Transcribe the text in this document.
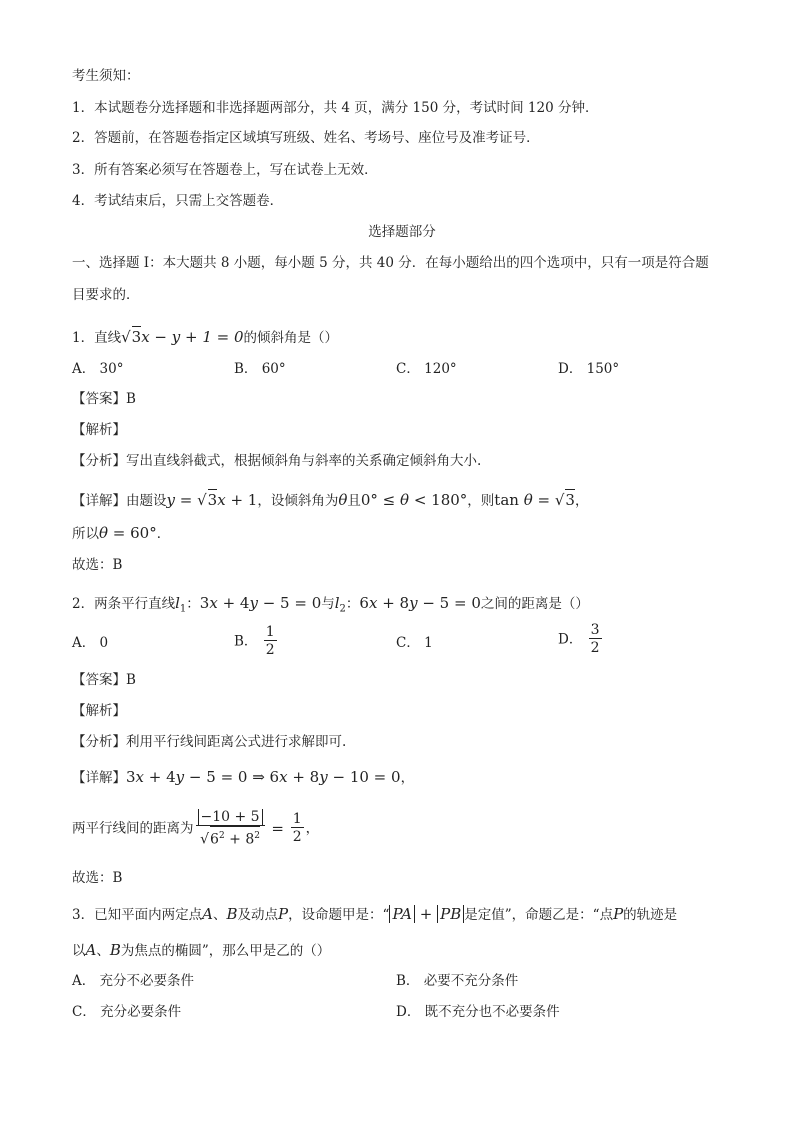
考生须知：
1．本试题卷分选择题和非选择题两部分，共 4 页，满分 150 分，考试时间 120 分钟．
2．答题前，在答题卷指定区域填写班级、姓名、考场号、座位号及准考证号．
3．所有答案必须写在答题卷上，写在试卷上无效．
4．考试结束后，只需上交答题卷．
选择题部分
一、选择题 I：本大题共 8 小题，每小题 5 分，共 40 分．在每小题给出的四个选项中，只有一项是符合题
目要求的．
1．直线√3x − y + 1 = 0的倾斜角是（）
A． 30°	B． 60°	C． 120°	D． 150°
【答案】B
【解析】
【分析】写出直线斜截式，根据倾斜角与斜率的关系确定倾斜角大小.
【详解】由题设y = √3x + 1，设倾斜角为θ且0° ≤ θ < 180°，则tan θ = √3，
所以θ = 60°．
故选：B
2．两条平行直线$l_1$：3x + 4y − 5 = 0与$l_2$：6x + 8y − 5 = 0之间的距离是（）
A． 0	B． $\frac{1}{2}$	C． 1	D． $\frac{3}{2}$
【答案】B
【解析】
【分析】利用平行线间距离公式进行求解即可.
【详解】3x + 4y − 5 = 0 ⇒ 6x + 8y − 10 = 0，
两平行线间的距离为 $\frac{-10 + 5}{√6^2 + 8^2} = \frac{1}{2}$ ，
故选：B
3．已知平面内两定点A、B及动点P，设命题甲是：“ PA + PB 是定值”，命题乙是：“点P的轨迹是
以A、B为焦点的椭圆”，那么甲是乙的（）
A． 充分不必要条件	B． 必要不充分条件
C． 充分必要条件	D． 既不充分也不必要条件
